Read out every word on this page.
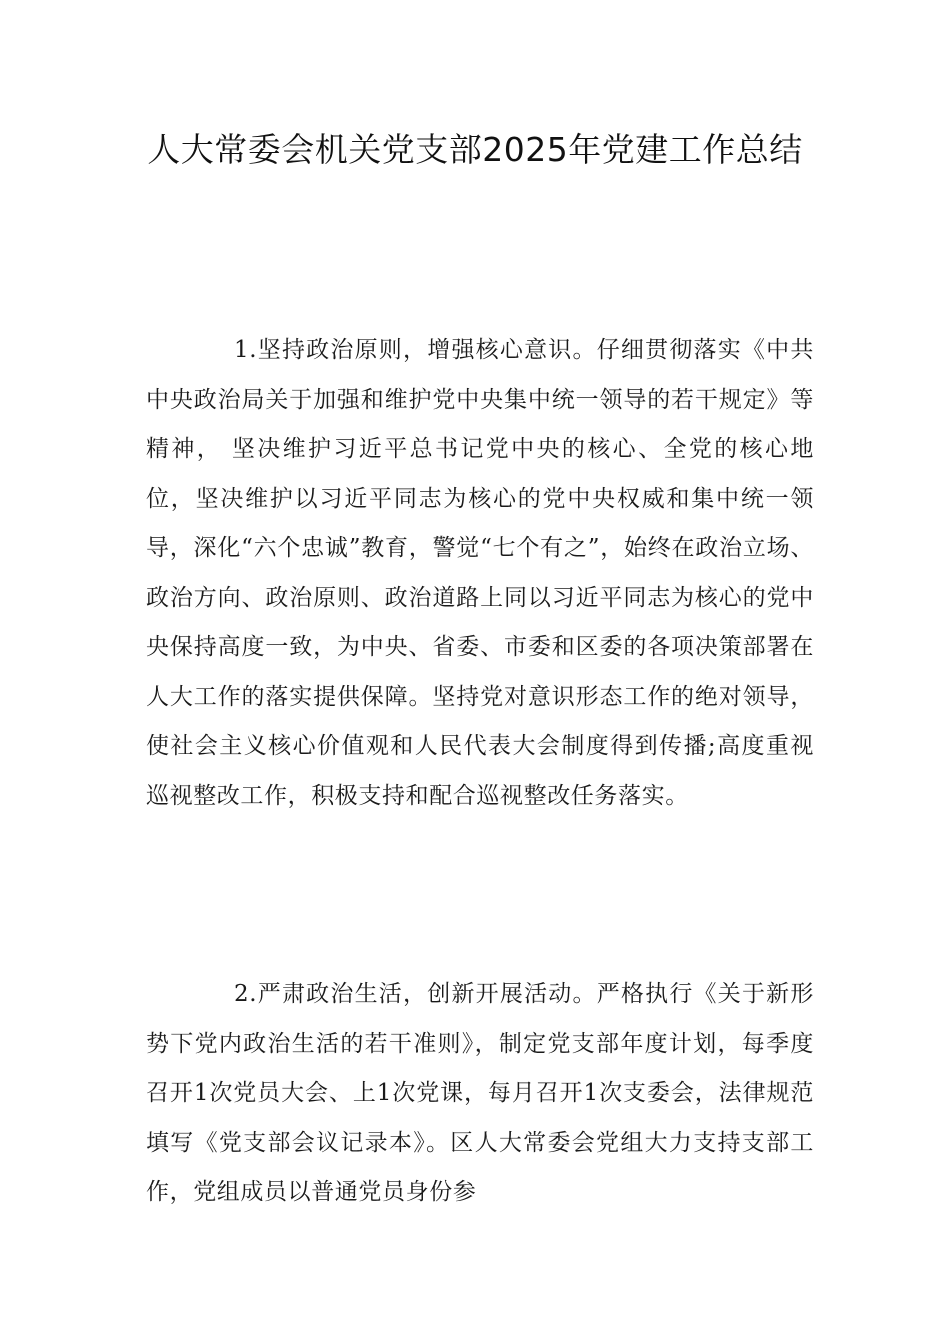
人大常委会机关党支部2025年党建工作总结

1.坚持政治原则，增强核心意识。仔细贯彻落实《中共中央政治局关于加强和维护党中央集中统一领导的若干规定》等精神， 坚决维护习近平总书记党中央的核心、全党的核心地位，坚决维护以习近平同志为核心的党中央权威和集中统一领导，深化“六个忠诚”教育，警觉“七个有之”，始终在政治立场、政治方向、政治原则、政治道路上同以习近平同志为核心的党中央保持高度一致，为中央、省委、市委和区委的各项决策部署在人大工作的落实提供保障。坚持党对意识形态工作的绝对领导，使社会主义核心价值观和人民代表大会制度得到传播;高度重视巡视整改工作，积极支持和配合巡视整改任务落实。

2.严肃政治生活，创新开展活动。严格执行《关于新形势下党内政治生活的若干准则》，制定党支部年度计划，每季度召开1次党员大会、上1次党课，每月召开1次支委会，法律规范填写《党支部会议记录本》。区人大常委会党组大力支持支部工作，党组成员以普通党员身份参
